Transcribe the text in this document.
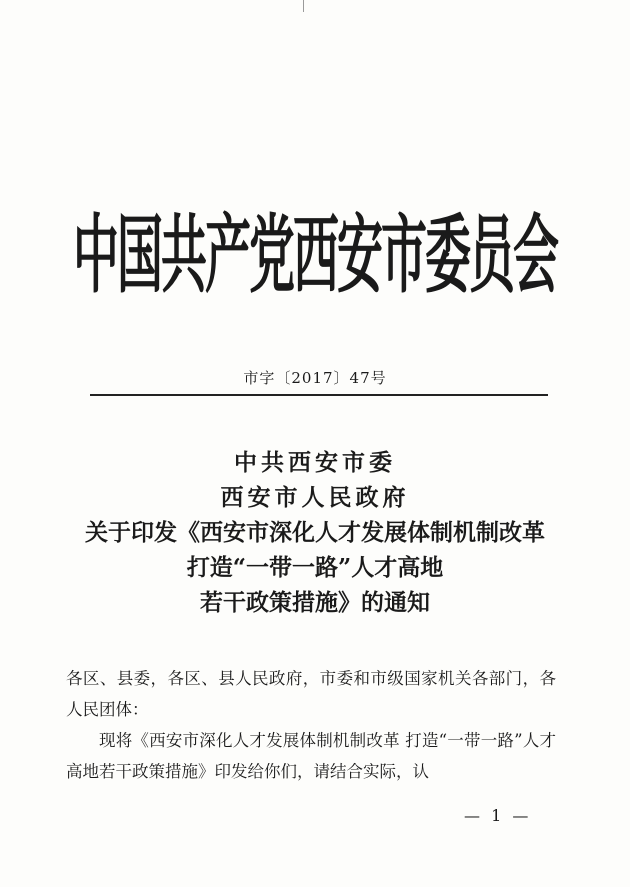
中国共产党西安市委员会
市字〔2017〕47号
中共西安市委
西安市人民政府
关于印发《西安市深化人才发展体制机制改革
打造“一带一路”人才高地
若干政策措施》的通知

各区、县委，各区、县人民政府，市委和市级国家机关各部门，各人民团体：

现将《西安市深化人才发展体制机制改革 打造“一带一路”人才高地若干政策措施》印发给你们，请结合实际，认

— 1 —
